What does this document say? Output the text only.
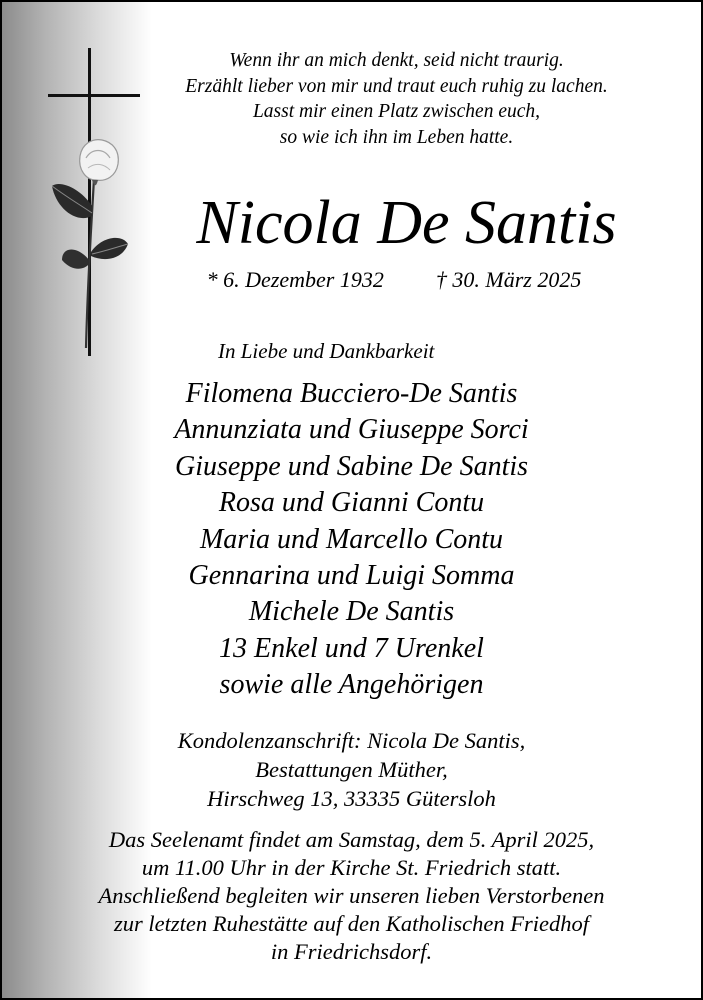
Wenn ihr an mich denkt, seid nicht traurig.
Erzählt lieber von mir und traut euch ruhig zu lachen.
Lasst mir einen Platz zwischen euch,
so wie ich ihn im Leben hatte.
Nicola De Santis
* 6. Dezember 1932 † 30. März 2025
In Liebe und Dankbarkeit
Filomena Bucciero-De Santis
Annunziata und Giuseppe Sorci
Giuseppe und Sabine De Santis
Rosa und Gianni Contu
Maria und Marcello Contu
Gennarina und Luigi Somma
Michele De Santis
13 Enkel und 7 Urenkel
sowie alle Angehörigen
Kondolenzanschrift: Nicola De Santis,
Bestattungen Müther,
Hirschweg 13, 33335 Gütersloh
Das Seelenamt findet am Samstag, dem 5. April 2025,
um 11.00 Uhr in der Kirche St. Friedrich statt.
Anschließend begleiten wir unseren lieben Verstorbenen
zur letzten Ruhestätte auf den Katholischen Friedhof
in Friedrichsdorf.
